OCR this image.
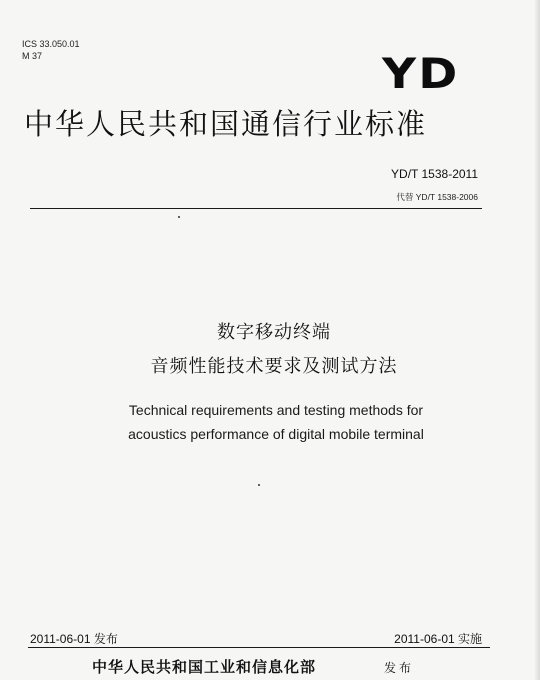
ICS 33.050.01
M 37	YD
中华人民共和国通信行业标准
YD/T 1538-2011
代替 YD/T 1538-2006
数字移动终端
音频性能技术要求及测试方法
Technical requirements and testing methods for
acoustics performance of digital mobile terminal
2011-06-01 发布	2011-06-01 实施
中华人民共和国工业和信息化部	发布
